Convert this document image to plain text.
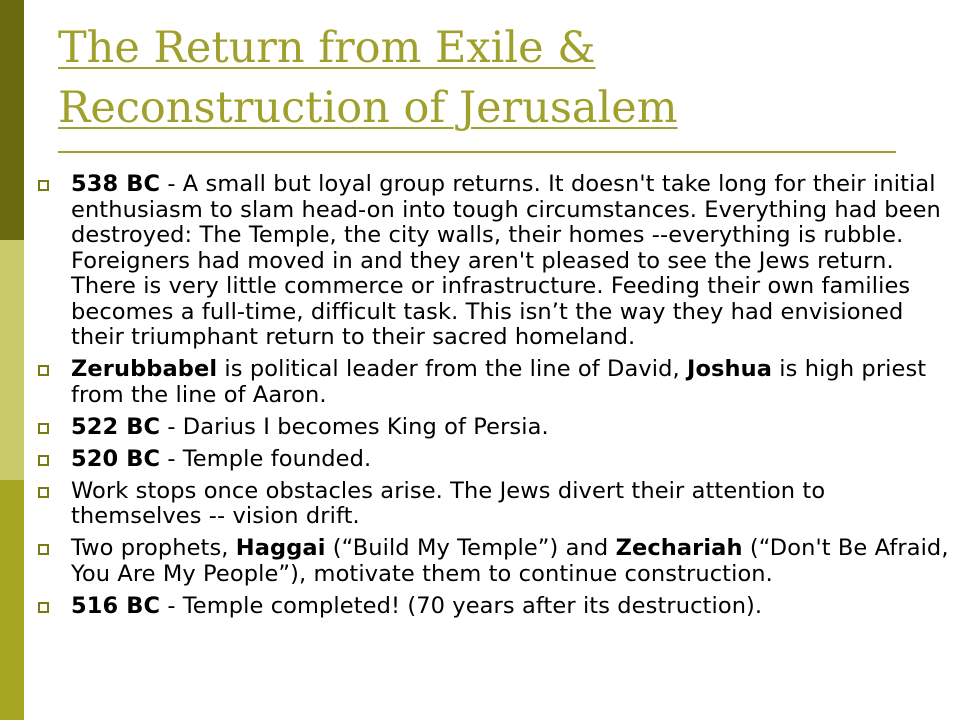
The Return from Exile &
Reconstruction of Jerusalem
538 BC - A small but loyal group returns. It doesn't take long for their initial enthusiasm to slam head-on into tough circumstances. Everything had been destroyed: The Temple, the city walls, their homes --everything is rubble. Foreigners had moved in and they aren't pleased to see the Jews return. There is very little commerce or infrastructure. Feeding their own families becomes a full-time, difficult task. This isn’t the way they had envisioned their triumphant return to their sacred homeland.
Zerubbabel is political leader from the line of David, Joshua is high priest from the line of Aaron.
522 BC - Darius I becomes King of Persia.
520 BC - Temple founded.
Work stops once obstacles arise. The Jews divert their attention to themselves -- vision drift.
Two prophets, Haggai (“Build My Temple”) and Zechariah (“Don't Be Afraid, You Are My People”), motivate them to continue construction.
516 BC - Temple completed! (70 years after its destruction).
